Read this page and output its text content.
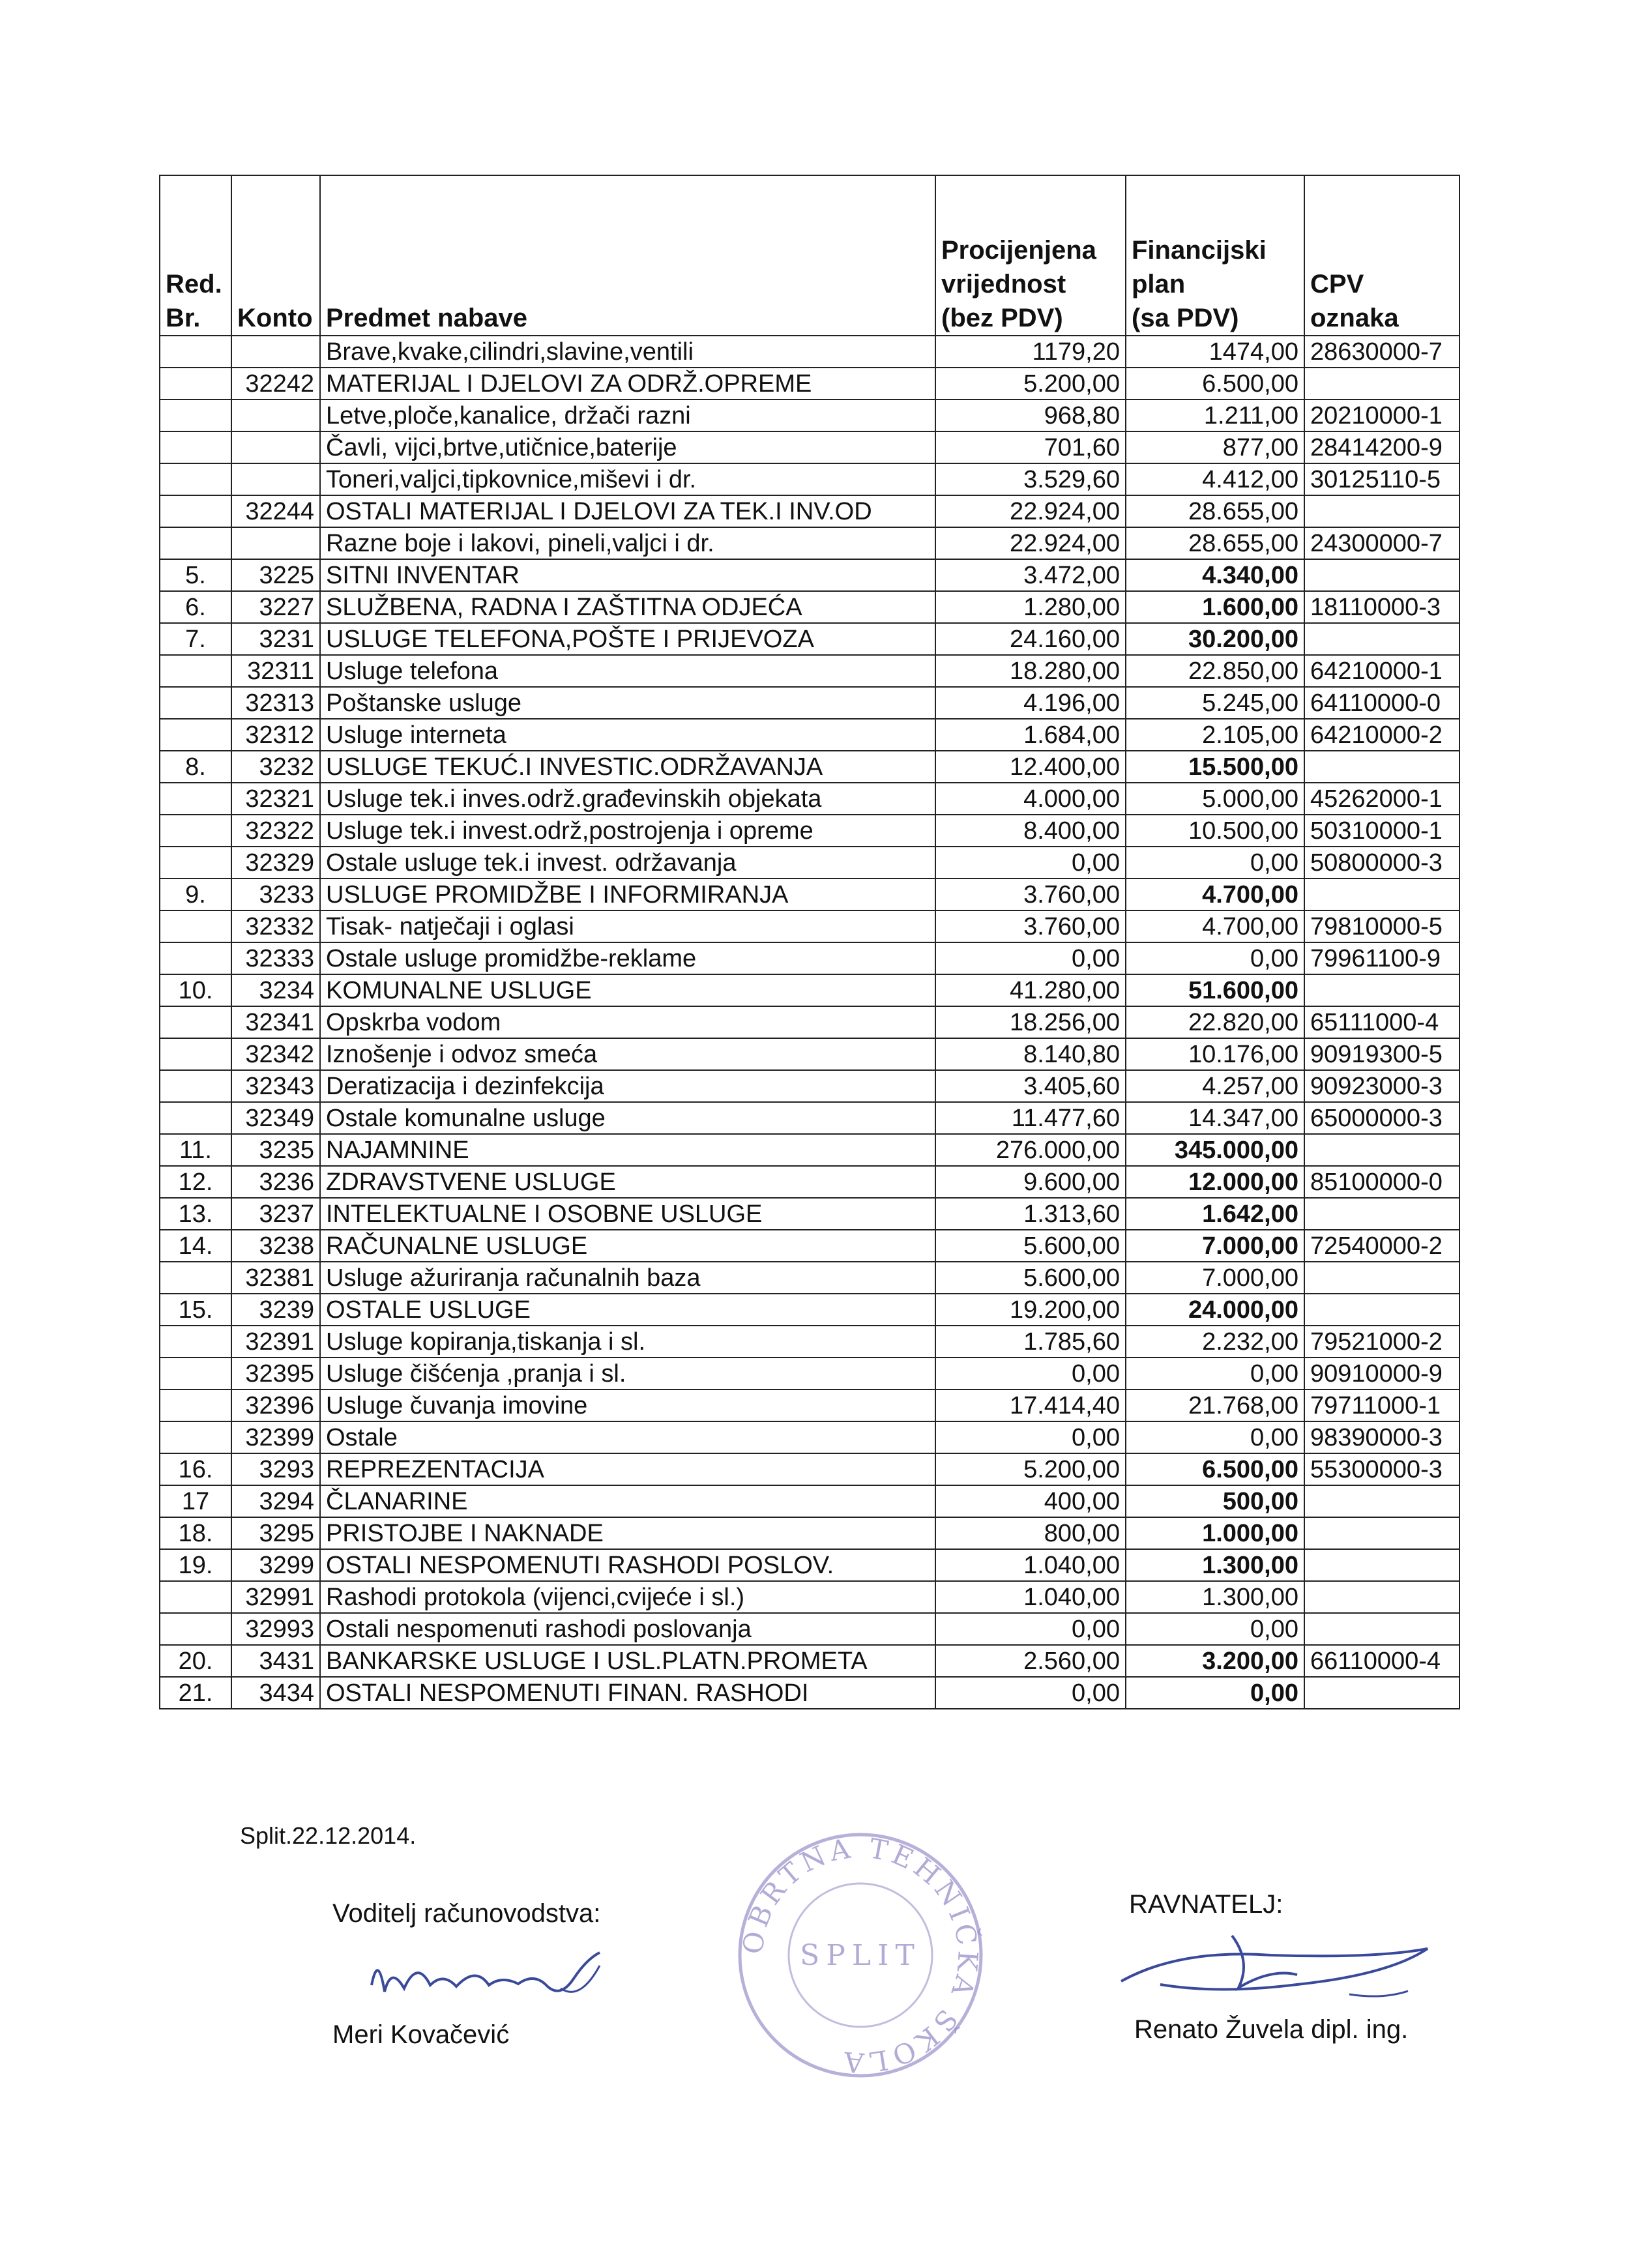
Red.
Br.	Konto	Predmet nabave	Procijenjena
vrijednost
(bez PDV)	Financijski
plan
(sa PDV)	CPV
oznaka
		Brave,kvake,cilindri,slavine,ventili	1179,20	1474,00	28630000-7
	32242	MATERIJAL I DJELOVI ZA ODRŽ.OPREME	5.200,00	6.500,00	
		Letve,ploče,kanalice, držači razni	968,80	1.211,00	20210000-1
		Čavli, vijci,brtve,utičnice,baterije	701,60	877,00	28414200-9
		Toneri,valjci,tipkovnice,miševi i dr.	3.529,60	4.412,00	30125110-5
	32244	OSTALI MATERIJAL I DJELOVI ZA TEK.I INV.OD	22.924,00	28.655,00	
		Razne boje i lakovi, pineli,valjci i dr.	22.924,00	28.655,00	24300000-7
5.	3225	SITNI INVENTAR	3.472,00	4.340,00	
6.	3227	SLUŽBENA, RADNA I ZAŠTITNA ODJEĆA	1.280,00	1.600,00	18110000-3
7.	3231	USLUGE TELEFONA,POŠTE I PRIJEVOZA	24.160,00	30.200,00	
	32311	Usluge telefona	18.280,00	22.850,00	64210000-1
	32313	Poštanske usluge	4.196,00	5.245,00	64110000-0
	32312	Usluge interneta	1.684,00	2.105,00	64210000-2
8.	3232	USLUGE TEKUĆ.I INVESTIC.ODRŽAVANJA	12.400,00	15.500,00	
	32321	Usluge tek.i inves.održ.građevinskih objekata	4.000,00	5.000,00	45262000-1
	32322	Usluge tek.i invest.održ,postrojenja i opreme	8.400,00	10.500,00	50310000-1
	32329	Ostale usluge tek.i invest. održavanja	0,00	0,00	50800000-3
9.	3233	USLUGE PROMIDŽBE I INFORMIRANJA	3.760,00	4.700,00	
	32332	Tisak- natječaji i oglasi	3.760,00	4.700,00	79810000-5
	32333	Ostale usluge promidžbe-reklame	0,00	0,00	79961100-9
10.	3234	KOMUNALNE USLUGE	41.280,00	51.600,00	
	32341	Opskrba vodom	18.256,00	22.820,00	65111000-4
	32342	Iznošenje i odvoz smeća	8.140,80	10.176,00	90919300-5
	32343	Deratizacija i dezinfekcija	3.405,60	4.257,00	90923000-3
	32349	Ostale komunalne usluge	11.477,60	14.347,00	65000000-3
11.	3235	NAJAMNINE	276.000,00	345.000,00	
12.	3236	ZDRAVSTVENE USLUGE	9.600,00	12.000,00	85100000-0
13.	3237	INTELEKTUALNE I OSOBNE USLUGE	1.313,60	1.642,00	
14.	3238	RAČUNALNE USLUGE	5.600,00	7.000,00	72540000-2
	32381	Usluge ažuriranja računalnih baza	5.600,00	7.000,00	
15.	3239	OSTALE USLUGE	19.200,00	24.000,00	
	32391	Usluge kopiranja,tiskanja i sl.	1.785,60	2.232,00	79521000-2
	32395	Usluge čišćenja ,pranja i sl.	0,00	0,00	90910000-9
	32396	Usluge čuvanja imovine	17.414,40	21.768,00	79711000-1
	32399	Ostale	0,00	0,00	98390000-3
16.	3293	REPREZENTACIJA	5.200,00	6.500,00	55300000-3
17	3294	ČLANARINE	400,00	500,00	
18.	3295	PRISTOJBE I NAKNADE	800,00	1.000,00	
19.	3299	OSTALI NESPOMENUTI RASHODI POSLOV.	1.040,00	1.300,00	
	32991	Rashodi protokola (vijenci,cvijeće i sl.)	1.040,00	1.300,00	
	32993	Ostali nespomenuti rashodi poslovanja	0,00	0,00	
20.	3431	BANKARSKE USLUGE I USL.PLATN.PROMETA	2.560,00	3.200,00	66110000-4
21.	3434	OSTALI NESPOMENUTI FINAN. RASHODI	0,00	0,00	
Split.22.12.2014.
Voditelj računovodstva:
Meri Kovačević
RAVNATELJ:
Renato Žuvela dipl. ing.
OBRTNA TEHNIČKA ŠKOLA
SPLIT
